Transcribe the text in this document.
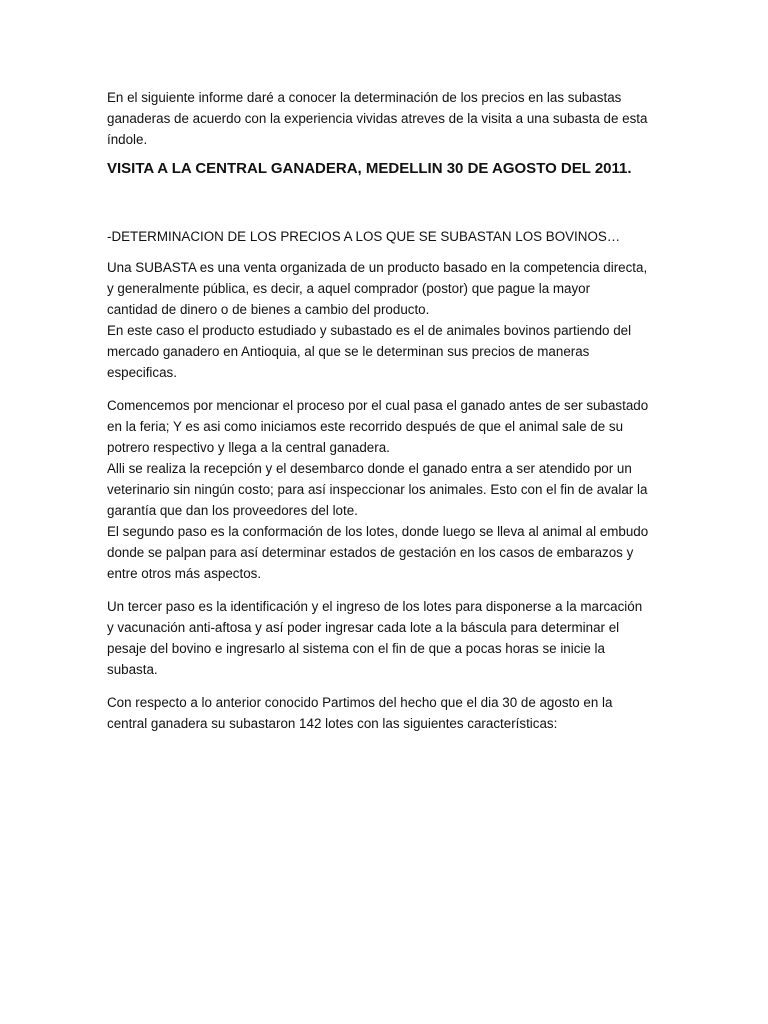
En el siguiente informe daré a conocer la determinación de los precios en las subastas
ganaderas de acuerdo con la experiencia vividas atreves de la visita a una subasta de esta
índole.

VISITA A LA CENTRAL GANADERA, MEDELLIN 30 DE AGOSTO DEL 2011.

-DETERMINACION DE LOS PRECIOS A LOS QUE SE SUBASTAN LOS BOVINOS…

Una SUBASTA es una venta organizada de un producto basado en la competencia directa,
y generalmente pública, es decir, a aquel comprador (postor) que pague la mayor
cantidad de dinero o de bienes a cambio del producto.
En este caso el producto estudiado y subastado es el de animales bovinos partiendo del
mercado ganadero en Antioquia, al que se le determinan sus precios de maneras
especificas.

Comencemos por mencionar el proceso por el cual pasa el ganado antes de ser subastado
en la feria; Y es asi como iniciamos este recorrido después de que el animal sale de su
potrero respectivo y llega a la central ganadera.
Alli se realiza la recepción y el desembarco donde el ganado entra a ser atendido por un
veterinario sin ningún costo; para así inspeccionar los animales. Esto con el fin de avalar la
garantía que dan los proveedores del lote.
El segundo paso es la conformación de los lotes, donde luego se lleva al animal al embudo
donde se palpan para así determinar estados de gestación en los casos de embarazos y
entre otros más aspectos.

Un tercer paso es la identificación y el ingreso de los lotes para disponerse a la marcación
y vacunación anti-aftosa y así poder ingresar cada lote a la báscula para determinar el
pesaje del bovino e ingresarlo al sistema con el fin de que a pocas horas se inicie la
subasta.

Con respecto a lo anterior conocido Partimos del hecho que el dia 30 de agosto en la
central ganadera su subastaron 142 lotes con las siguientes características:
